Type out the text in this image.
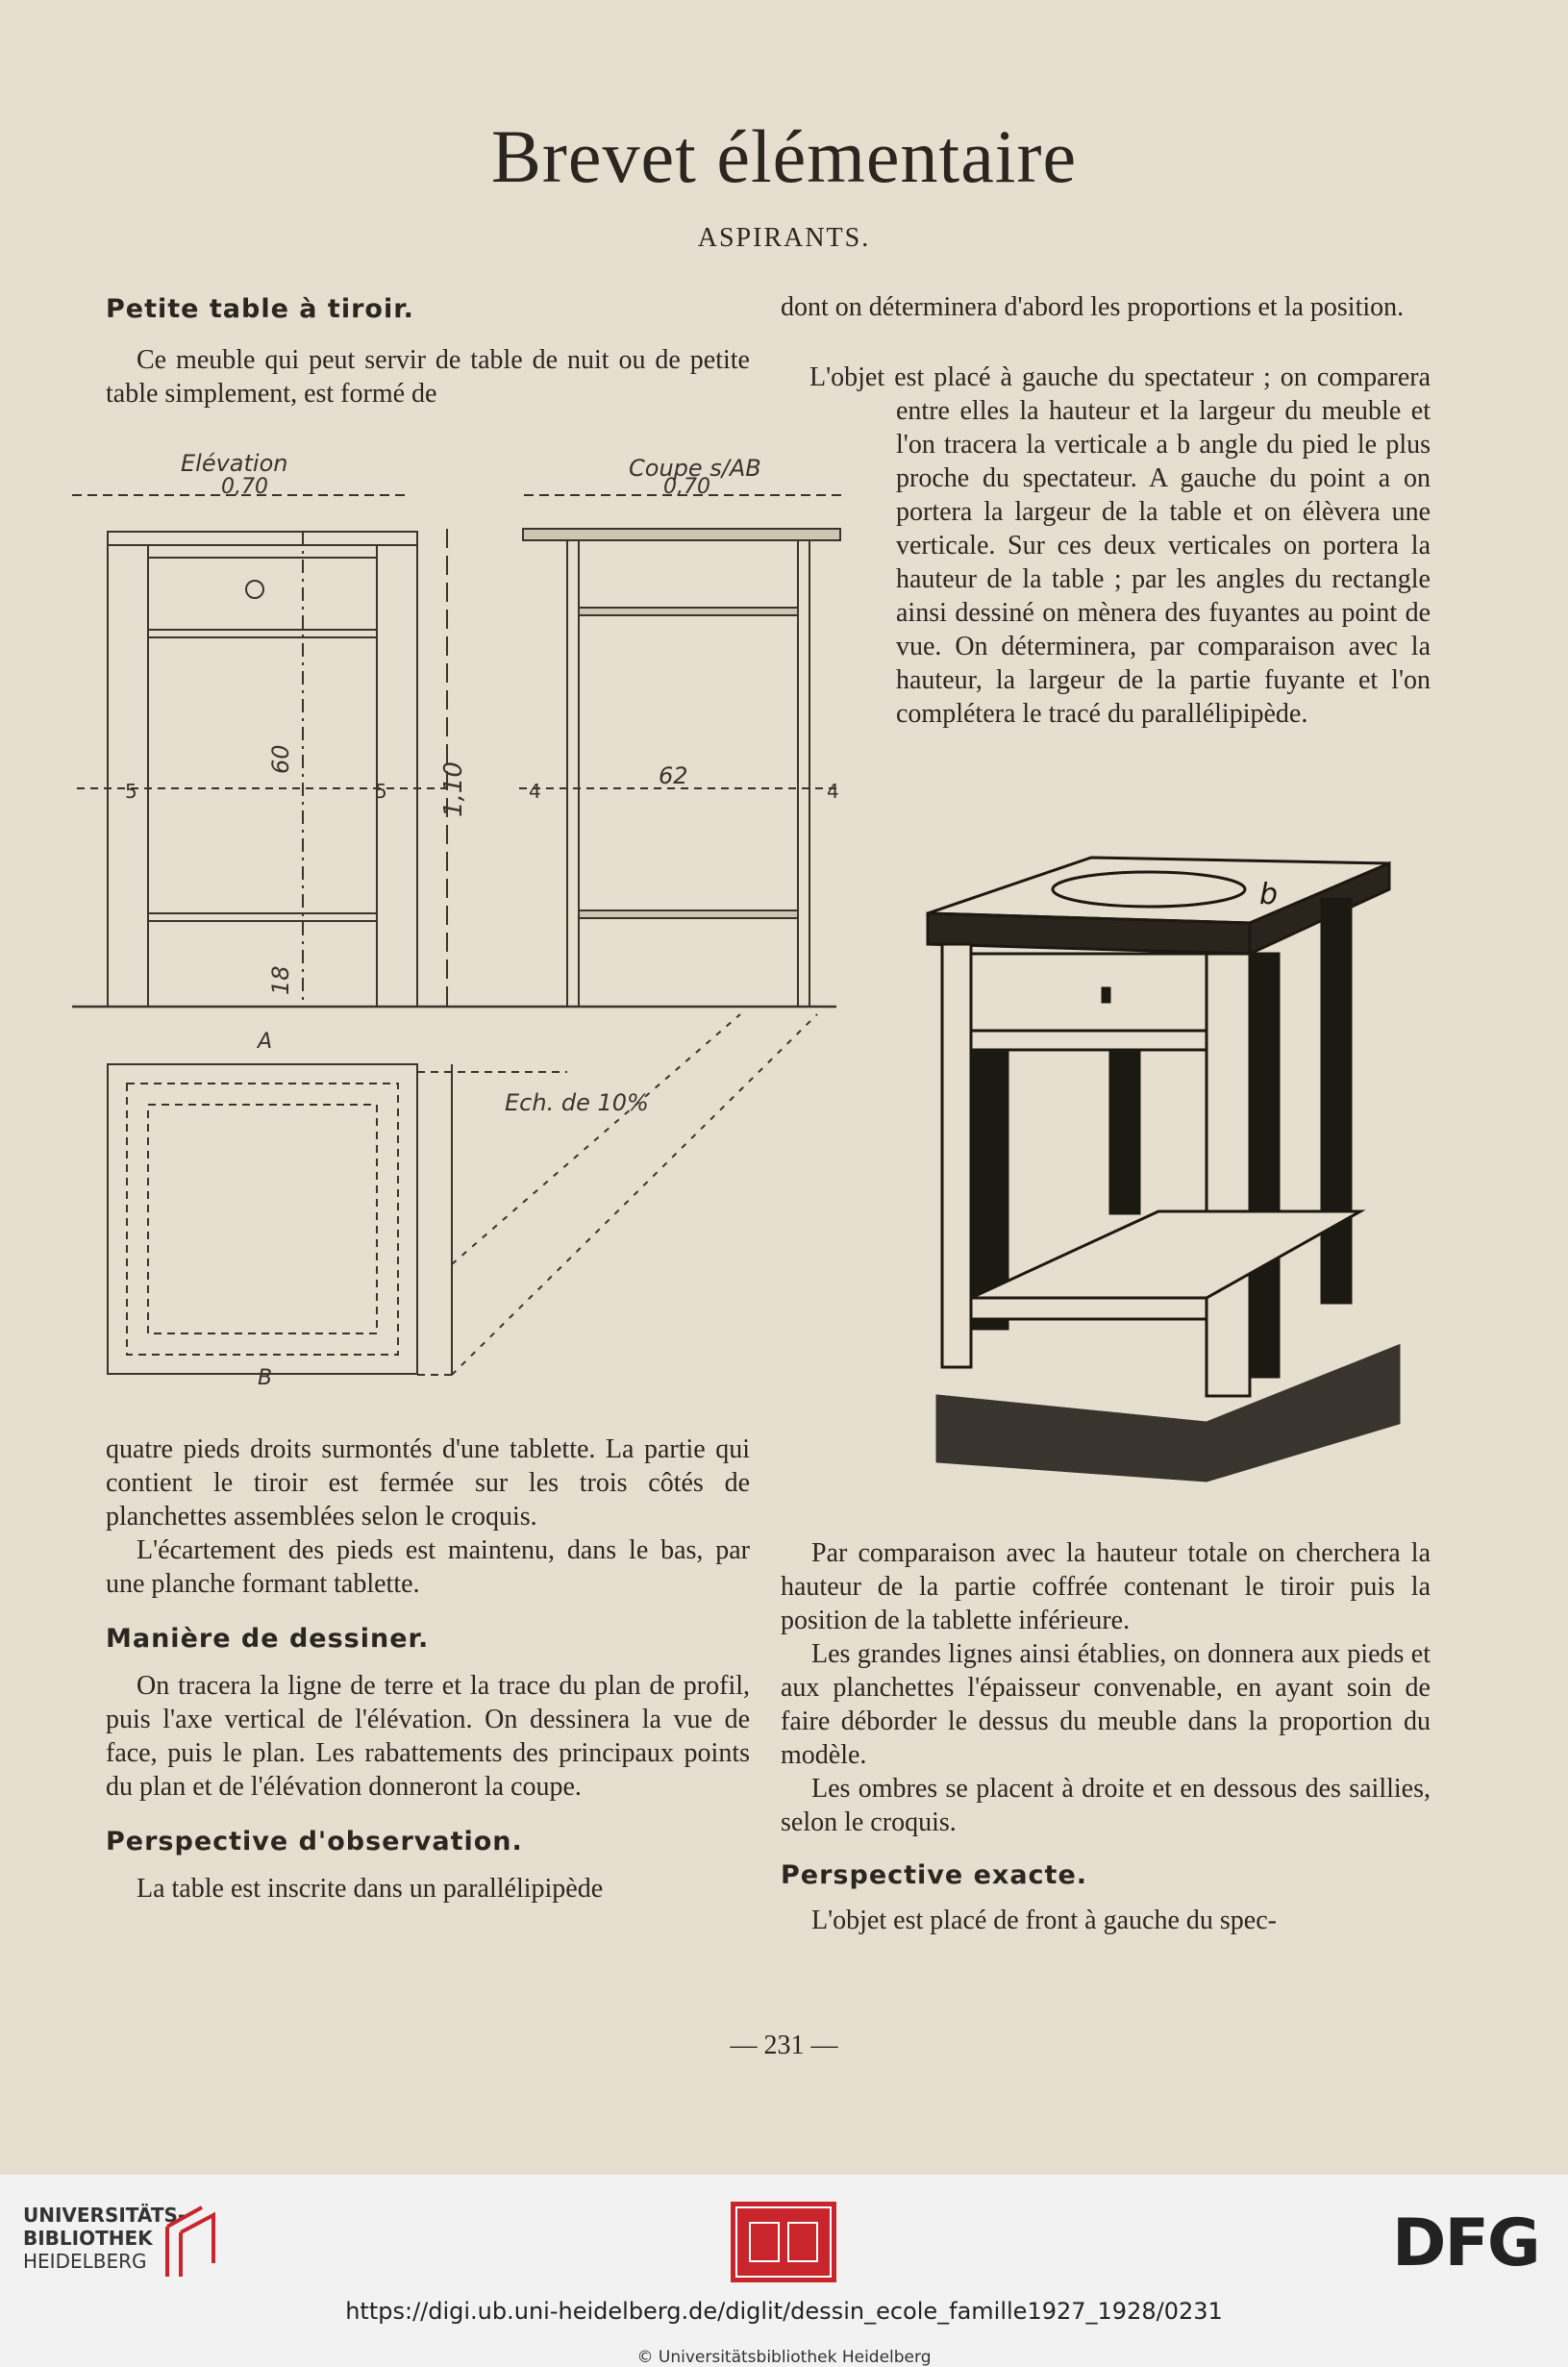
Brevet élémentaire
ASPIRANTS.
Petite table à tiroir.

Ce meuble qui peut servir de table de nuit ou de petite table simplement, est formé de

Elévation	Coupe s/AB
0,70	0,70
60
18
1,10
5	5
62
4	4
A
Ech. de 10%
B

quatre pieds droits surmontés d'une tablette. La partie qui contient le tiroir est fermée sur les trois côtés de planchettes assemblées selon le croquis.

L'écartement des pieds est maintenu, dans le bas, par une planche formant tablette.

Manière de dessiner.

On tracera la ligne de terre et la trace du plan de profil, puis l'axe vertical de l'élévation. On dessinera la vue de face, puis le plan. Les rabattements des principaux points du plan et de l'élévation donneront la coupe.

Perspective d'observation.

La table est inscrite dans un parallélipipède

dont on déterminera d'abord les proportions et la position.

L'objet est placé à gauche du spectateur ; on comparera entre elles la hauteur et la largeur du meuble et l'on tracera la verticale a b angle du pied le plus proche du spectateur. A gauche du point a on portera la largeur de la table et on élèvera une verticale. Sur ces deux verticales on portera la hauteur de la table ; par les angles du rectangle ainsi dessiné on mènera des fuyantes au point de vue. On déterminera, par comparaison avec la hauteur, la largeur de la partie fuyante et l'on complétera le tracé du parallélipipède.

b

Par comparaison avec la hauteur totale on cherchera la hauteur de la partie coffrée contenant le tiroir puis la position de la tablette inférieure.

Les grandes lignes ainsi établies, on donnera aux pieds et aux planchettes l'épaisseur convenable, en ayant soin de faire déborder le dessus du meuble dans la proportion du modèle.

Les ombres se placent à droite et en dessous des saillies, selon le croquis.

Perspective exacte.

L'objet est placé de front à gauche du spec-

— 231 —
UNIVERSITÄTS-
BIBLIOTHEK
HEIDELBERG	DFG
https://digi.ub.uni-heidelberg.de/diglit/dessin_ecole_famille1927_1928/0231
© Universitätsbibliothek Heidelberg
